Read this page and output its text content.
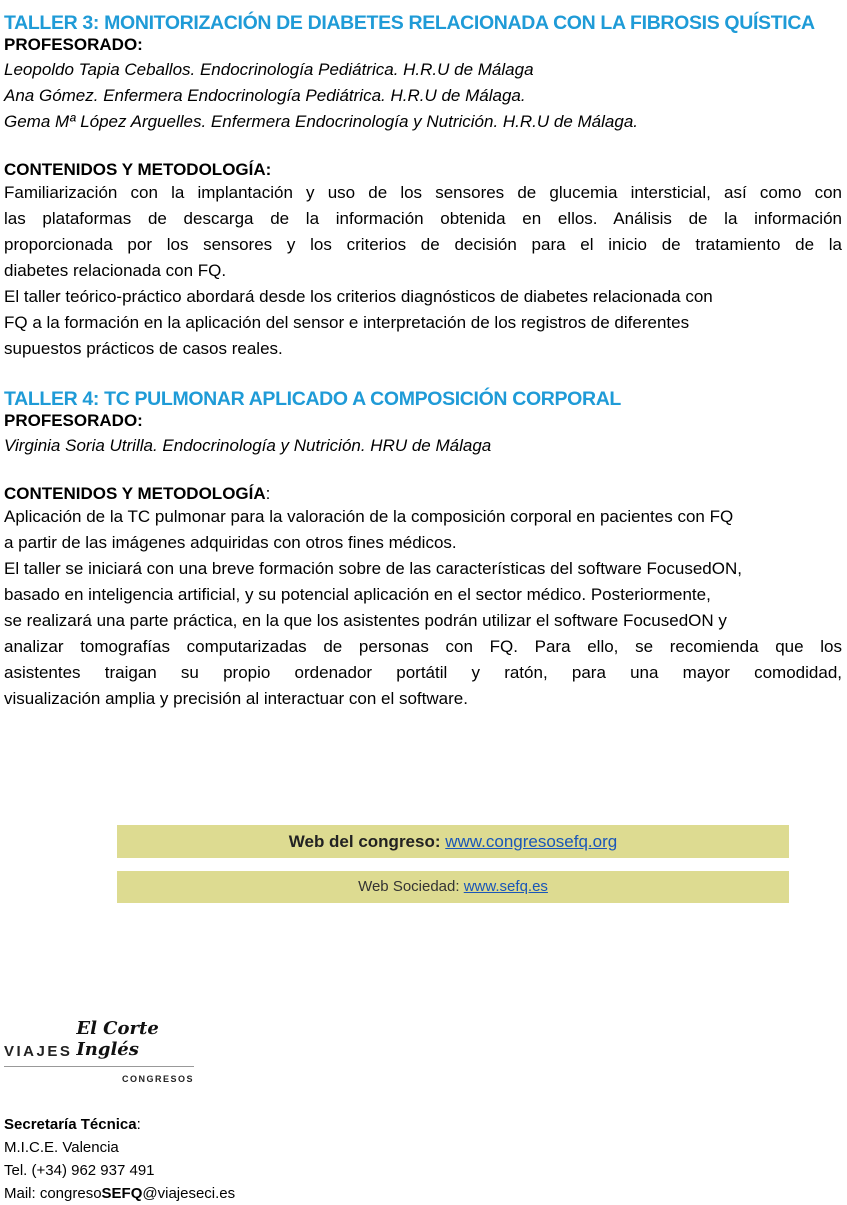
TALLER 3: MONITORIZACIÓN DE DIABETES RELACIONADA CON LA FIBROSIS QUÍSTICA
PROFESORADO:
Leopoldo Tapia Ceballos. Endocrinología Pediátrica. H.R.U de Málaga
Ana Gómez. Enfermera Endocrinología Pediátrica. H.R.U de Málaga.
Gema Mª López Arguelles. Enfermera Endocrinología y Nutrición. H.R.U de Málaga.
CONTENIDOS Y METODOLOGÍA:
Familiarización con la implantación y uso de los sensores de glucemia intersticial, así como con
las plataformas de descarga de la información obtenida en ellos. Análisis de la información
proporcionada por los sensores y los criterios de decisión para el inicio de tratamiento de la
diabetes relacionada con FQ.
El taller teórico-práctico abordará desde los criterios diagnósticos de diabetes relacionada con
FQ a la formación en la aplicación del sensor e interpretación de los registros de diferentes
supuestos prácticos de casos reales.
TALLER 4: TC PULMONAR APLICADO A COMPOSICIÓN CORPORAL
PROFESORADO:
Virginia Soria Utrilla. Endocrinología y Nutrición. HRU de Málaga
CONTENIDOS Y METODOLOGÍA:
Aplicación de la TC pulmonar para la valoración de la composición corporal en pacientes con FQ
a partir de las imágenes adquiridas con otros fines médicos.
El taller se iniciará con una breve formación sobre de las características del software FocusedON,
basado en inteligencia artificial, y su potencial aplicación en el sector médico. Posteriormente,
se realizará una parte práctica, en la que los asistentes podrán utilizar el software FocusedON y
analizar tomografías computarizadas de personas con FQ. Para ello, se recomienda que los
asistentes traigan su propio ordenador portátil y ratón, para una mayor comodidad,
visualización amplia y precisión al interactuar con el software.
Web del congreso: www.congresosefq.org
Web Sociedad: www.sefq.es
VIAJES
El Corte Inglés
CONGRESOS
Secretaría Técnica:
M.I.C.E. Valencia
Tel. (+34) 962 937 491
Mail: congresoSEFQ@viajeseci.es
